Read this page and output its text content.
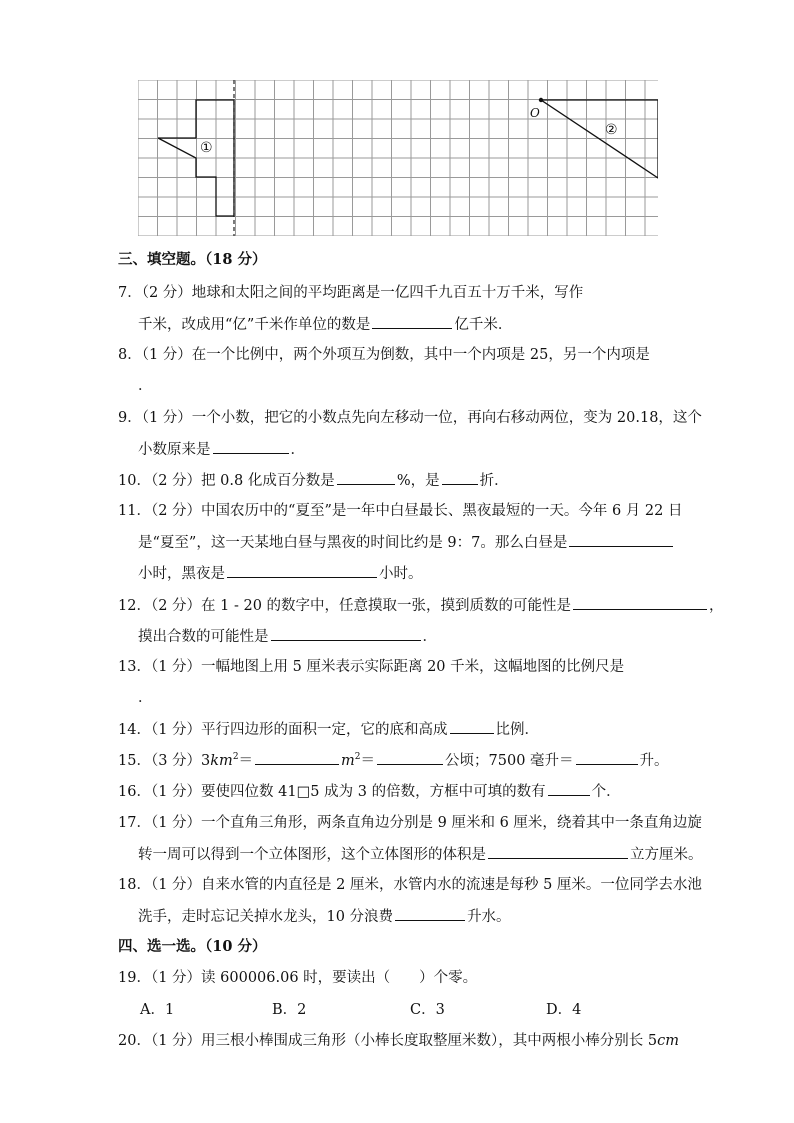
①
O
②
三、填空题。（18 分）
7．（2 分）地球和太阳之间的平均距离是一亿四千九百五十万千米，写作
千米，改成用“亿”千米作单位的数是	亿千米．
8．（1 分）在一个比例中，两个外项互为倒数，其中一个内项是 25，另一个内项是
．
9．（1 分）一个小数，把它的小数点先向左移动一位，再向右移动两位，变为 20.18，这个
小数原来是	．
10．（2 分）把 0.8 化成百分数是	%，是	折．
11．（2 分）中国农历中的“夏至”是一年中白昼最长、黑夜最短的一天。今年 6 月 22 日
是“夏至”，这一天某地白昼与黑夜的时间比约是 9：7。那么白昼是
小时，黑夜是	小时。
12．（2 分）在 1 - 20 的数字中，任意摸取一张，摸到质数的可能性是	，
摸出合数的可能性是	．
13．（1 分）一幅地图上用 5 厘米表示实际距离 20 千米，这幅地图的比例尺是
．
14．（1 分）平行四边形的面积一定，它的底和高成	比例．
15．（3 分）$3km^2=$	$m^2=$	公顷；7500 毫升＝	升。
16．（1 分）要使四位数 41□5 成为 3 的倍数，方框中可填的数有	个．
17．（1 分）一个直角三角形，两条直角边分别是 9 厘米和 6 厘米，绕着其中一条直角边旋
转一周可以得到一个立体图形，这个立体图形的体积是	立方厘米。
18．（1 分）自来水管的内直径是 2 厘米，水管内水的流速是每秒 5 厘米。一位同学去水池
洗手，走时忘记关掉水龙头，10 分浪费	升水。
四、选一选。（10 分）
19．（1 分）读 600006.06 时，要读出（　　）个零。
A．1	B．2	C．3	D．4
20．（1 分）用三根小棒围成三角形（小棒长度取整厘米数），其中两根小棒分别长 5cm
